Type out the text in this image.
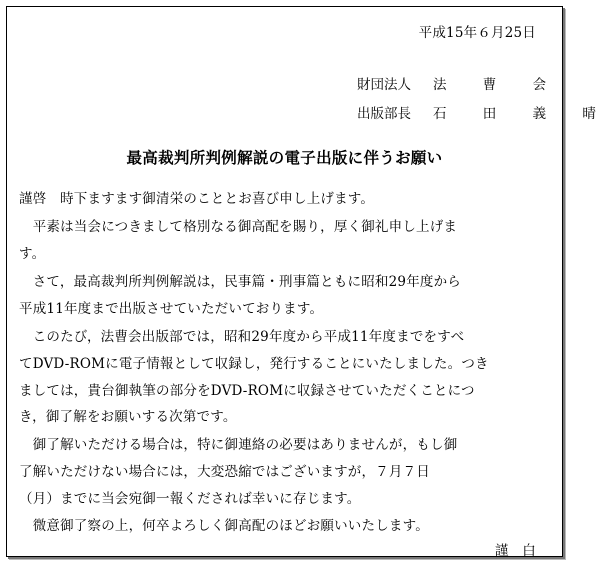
平成15年６月25日
財団法人 法 曹 会
出版部長 石 田 義 晴
最高裁判所判例解説の電子出版に伴うお願い
謹啓　時下ますます御清栄のこととお喜び申し上げます。
　平素は当会につきまして格別なる御高配を賜り，厚く御礼申し上げま
す。
　さて，最高裁判所判例解説は，民事篇・刑事篇ともに昭和29年度から
平成11年度まで出版させていただいております。
　このたび，法曹会出版部では，昭和29年度から平成11年度までをすべ
てDVD-ROMに電子情報として収録し，発行することにいたしました。つき
ましては，貴台御執筆の部分をDVD-ROMに収録させていただくことにつ
き，御了解をお願いする次第です。
　御了解いただける場合は，特に御連絡の必要はありませんが，もし御
了解いただけない場合には，大変恐縮ではございますが，７月７日
（月）までに当会宛御一報くだされば幸いに存じます。
　微意御了察の上，何卒よろしく御高配のほどお願いいたします。
謹　白
